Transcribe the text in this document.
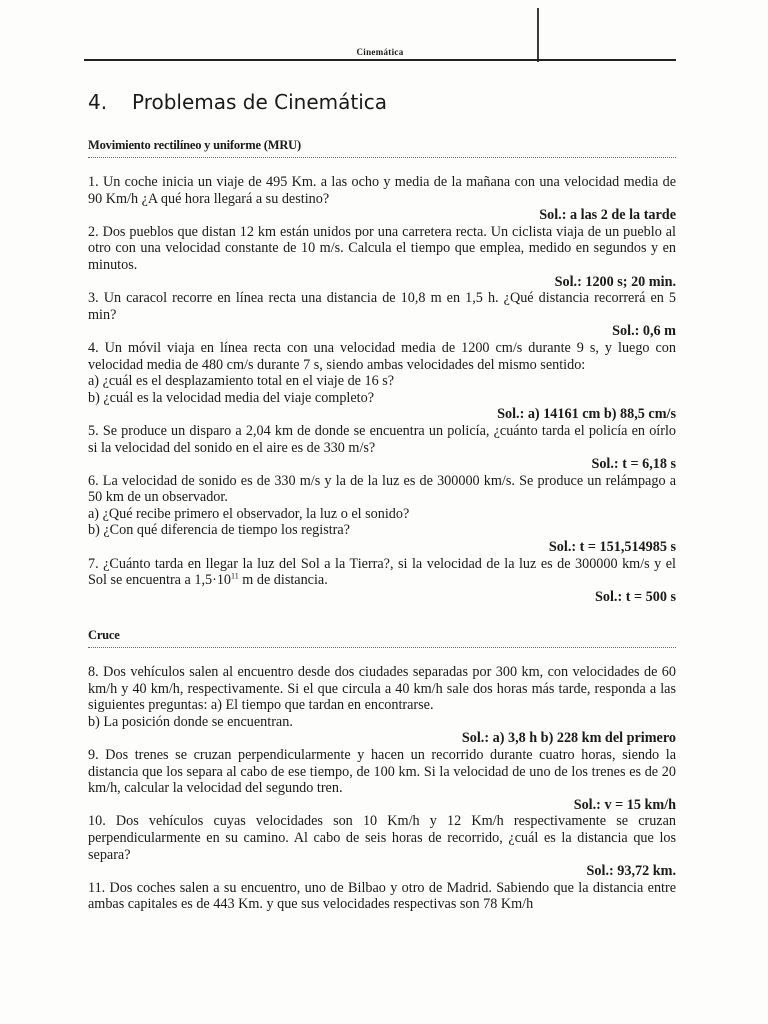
Cinemática
4. Problemas de Cinemática
Movimiento rectilíneo y uniforme (MRU)

1. Un coche inicia un viaje de 495 Km. a las ocho y media de la mañana con una velocidad media de 90 Km/h ¿A qué hora llegará a su destino?

Sol.: a las 2 de la tarde

2. Dos pueblos que distan 12 km están unidos por una carretera recta. Un ciclista viaja de un pueblo al otro con una velocidad constante de 10 m/s. Calcula el tiempo que emplea, medido en segundos y en minutos.

Sol.: 1200 s; 20 min.

3. Un caracol recorre en línea recta una distancia de 10,8 m en 1,5 h. ¿Qué distancia recorrerá en 5 min?

Sol.: 0,6 m

4. Un móvil viaja en línea recta con una velocidad media de 1200 cm/s durante 9 s, y luego con velocidad media de 480 cm/s durante 7 s, siendo ambas velocidades del mismo sentido:

a) ¿cuál es el desplazamiento total en el viaje de 16 s?

b) ¿cuál es la velocidad media del viaje completo?

Sol.: a) 14161 cm b) 88,5 cm/s

5. Se produce un disparo a 2,04 km de donde se encuentra un policía, ¿cuánto tarda el policía en oírlo si la velocidad del sonido en el aire es de 330 m/s?

Sol.: t = 6,18 s

6. La velocidad de sonido es de 330 m/s y la de la luz es de 300000 km/s. Se produce un relámpago a 50 km de un observador.

a) ¿Qué recibe primero el observador, la luz o el sonido?

b) ¿Con qué diferencia de tiempo los registra?

Sol.: t = 151,514985 s

7. ¿Cuánto tarda en llegar la luz del Sol a la Tierra?, si la velocidad de la luz es de 300000 km/s y el Sol se encuentra a $1,5\cdot 10^{11}$ m de distancia.

Sol.: t = 500 s

Cruce

8. Dos vehículos salen al encuentro desde dos ciudades separadas por 300 km, con velocidades de 60 km/h y 40 km/h, respectivamente. Si el que circula a 40 km/h sale dos horas más tarde, responda a las siguientes preguntas: a) El tiempo que tardan en encontrarse.

b) La posición donde se encuentran.

Sol.: a) 3,8 h b) 228 km del primero

9. Dos trenes se cruzan perpendicularmente y hacen un recorrido durante cuatro horas, siendo la distancia que los separa al cabo de ese tiempo, de 100 km. Si la velocidad de uno de los trenes es de 20 km/h, calcular la velocidad del segundo tren.

Sol.: v = 15 km/h

10. Dos vehículos cuyas velocidades son 10 Km/h y 12 Km/h respectivamente se cruzan perpendicularmente en su camino. Al cabo de seis horas de recorrido, ¿cuál es la distancia que los separa?

Sol.: 93,72 km.

11. Dos coches salen a su encuentro, uno de Bilbao y otro de Madrid. Sabiendo que la distancia entre ambas capitales es de 443 Km. y que sus velocidades respectivas son 78 Km/h
